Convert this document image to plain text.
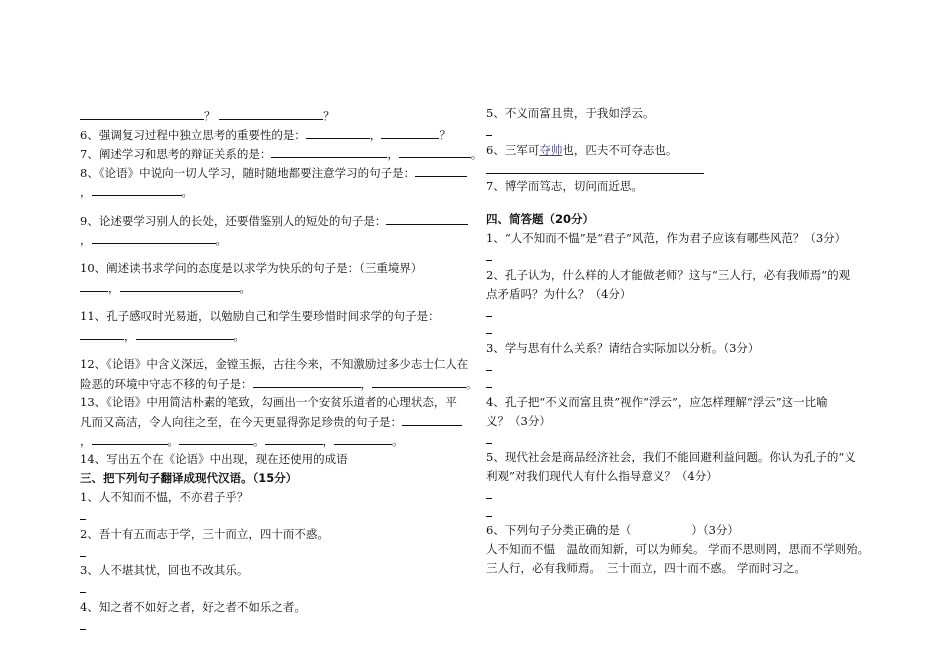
？	？
6、强调复习过程中独立思考的重要性的是：	，	？
7、阐述学习和思考的辩证关系的是：	，	。
8、《论语》中说向一切人学习，随时随地都要注意学习的句子是：
，	。
9、论述要学习别人的长处，还要借鉴别人的短处的句子是：
，	。
10、阐述读书求学问的态度是以求学为快乐的句子是：（三重境界）
，	。
11、孔子感叹时光易逝，以勉励自己和学生要珍惜时间求学的句子是：
，	。
12、《论语》中含义深远，金镗玉振，古往今来，不知激励过多少志士仁人在
险恶的环境中守志不移的句子是：	，	。
13、《论语》中用简洁朴素的笔致，勾画出一个安贫乐道者的心理状态，平
凡而又高洁，令人向往之至，在今天更显得弥足珍贵的句子是：
，	。	。	，	。
14、写出五个在《论语》中出现，现在还使用的成语
三、把下列句子翻译成现代汉语。（15分）
1、人不知而不愠，不亦君子乎？
2、吾十有五而志于学，三十而立，四十而不惑。
3、人不堪其忧，回也不改其乐。
4、知之者不如好之者，好之者不如乐之者。
5、不义而富且贵，于我如浮云。
6、三军可夺帅也，匹夫不可夺志也。
7、博学而笃志，切问而近思。
四、简答题（20分）
1、“人不知而不愠”是“君子”风范，作为君子应该有哪些风范？（3分）
2、孔子认为，什么样的人才能做老师？这与“三人行，必有我师焉”的观
点矛盾吗？为什么？（4分）
3、学与思有什么关系？请结合实际加以分析。（3分）
4、孔子把“不义而富且贵”视作“浮云”，应怎样理解“浮云”这一比喻
义？（3分）
5、现代社会是商品经济社会，我们不能回避利益问题。你认为孔子的“义
利观”对我们现代人有什么指导意义？（4分）
6、下列句子分类正确的是（	）（3分）
人不知而不愠　温故而知新，可以为师矣。 学而不思则罔，思而不学则殆。
三人行，必有我师焉。　三十而立，四十而不惑。 学而时习之。
